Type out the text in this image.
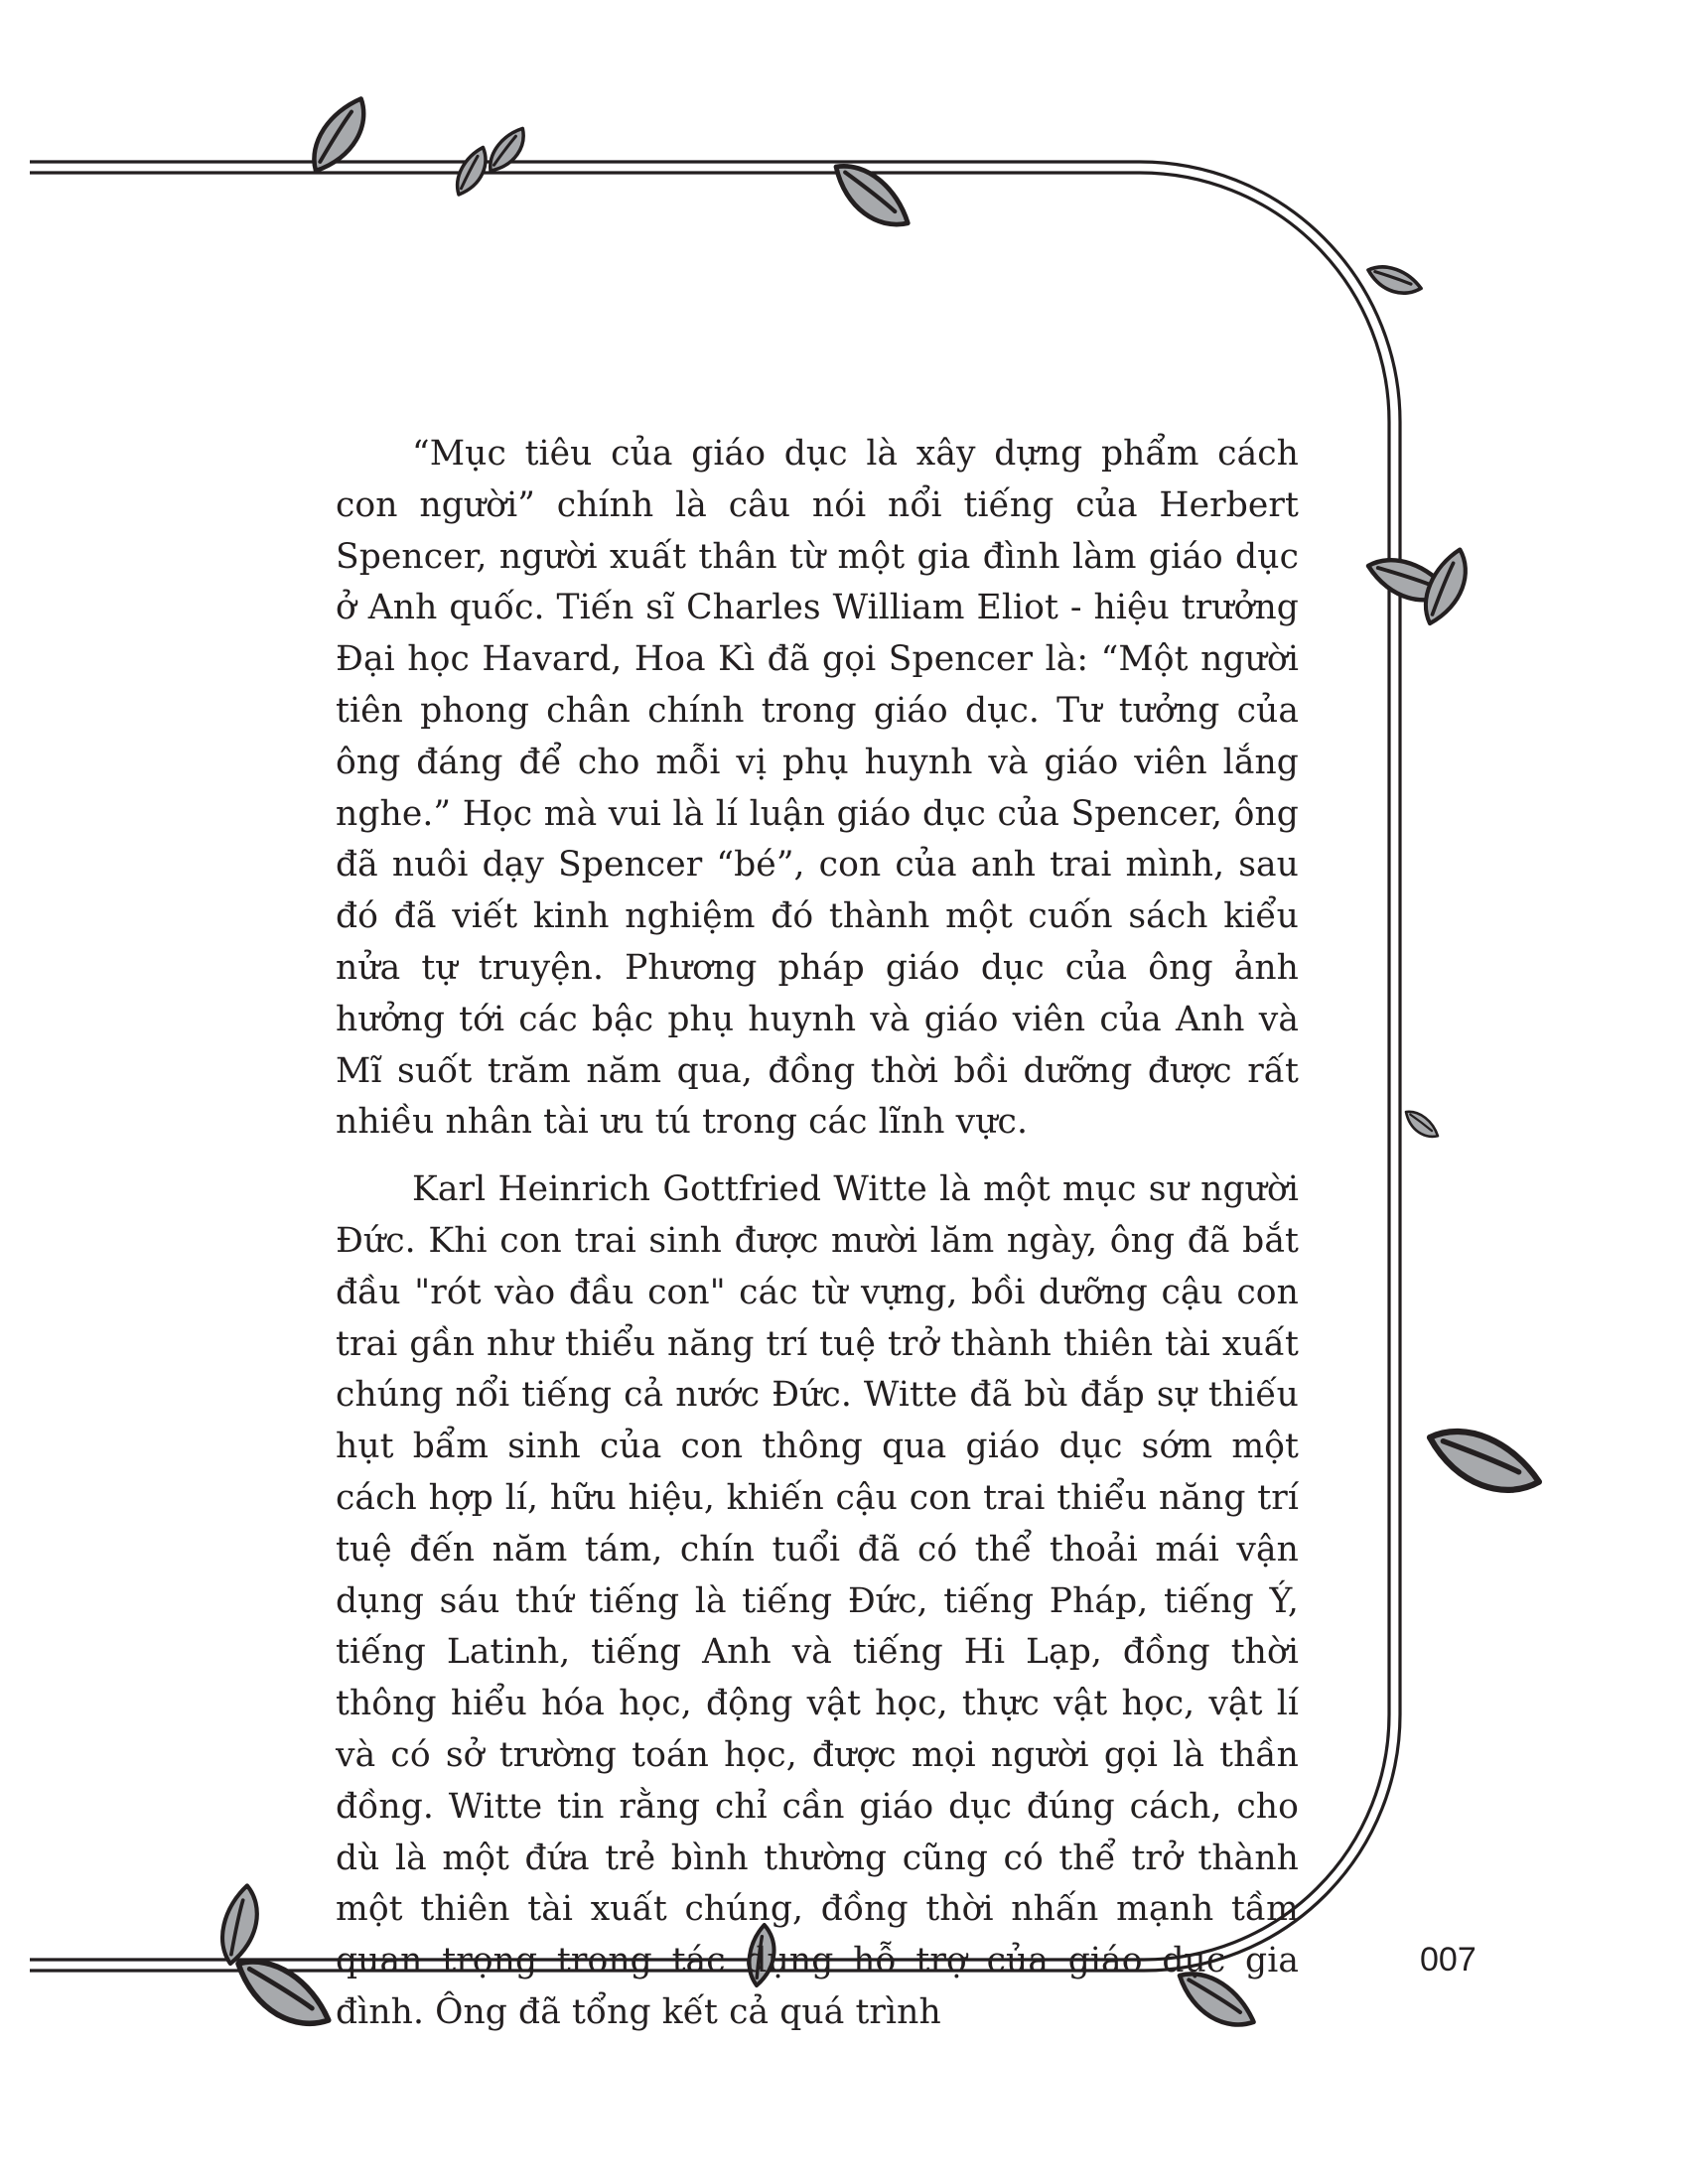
“Mục tiêu của giáo dục là xây dựng phẩm cách con người” chính là câu nói nổi tiếng của Herbert Spencer, người xuất thân từ một gia đình làm giáo dục ở Anh quốc. Tiến sĩ Charles William Eliot - hiệu trưởng Đại học Havard, Hoa Kì đã gọi Spencer là: “Một người tiên phong chân chính trong giáo dục. Tư tưởng của ông đáng để cho mỗi vị phụ huynh và giáo viên lắng nghe.” Học mà vui là lí luận giáo dục của Spencer, ông đã nuôi dạy Spencer “bé”, con của anh trai mình, sau đó đã viết kinh nghiệm đó thành một cuốn sách kiểu nửa tự truyện. Phương pháp giáo dục của ông ảnh hưởng tới các bậc phụ huynh và giáo viên của Anh và Mĩ suốt trăm năm qua, đồng thời bồi dưỡng được rất nhiều nhân tài ưu tú trong các lĩnh vực.

Karl Heinrich Gottfried Witte là một mục sư người Đức. Khi con trai sinh được mười lăm ngày, ông đã bắt đầu "rót vào đầu con" các từ vựng, bồi dưỡng cậu con trai gần như thiểu năng trí tuệ trở thành thiên tài xuất chúng nổi tiếng cả nước Đức. Witte đã bù đắp sự thiếu hụt bẩm sinh của con thông qua giáo dục sớm một cách hợp lí, hữu hiệu, khiến cậu con trai thiểu năng trí tuệ đến năm tám, chín tuổi đã có thể thoải mái vận dụng sáu thứ tiếng là tiếng Đức, tiếng Pháp, tiếng Ý, tiếng Latinh, tiếng Anh và tiếng Hi Lạp, đồng thời thông hiểu hóa học, động vật học, thực vật học, vật lí và có sở trường toán học, được mọi người gọi là thần đồng. Witte tin rằng chỉ cần giáo dục đúng cách, cho dù là một đứa trẻ bình thường cũng có thể trở thành một thiên tài xuất chúng, đồng thời nhấn mạnh tầm quan trọng trong tác dụng hỗ trợ của giáo dục gia đình. Ông đã tổng kết cả quá trình

007
